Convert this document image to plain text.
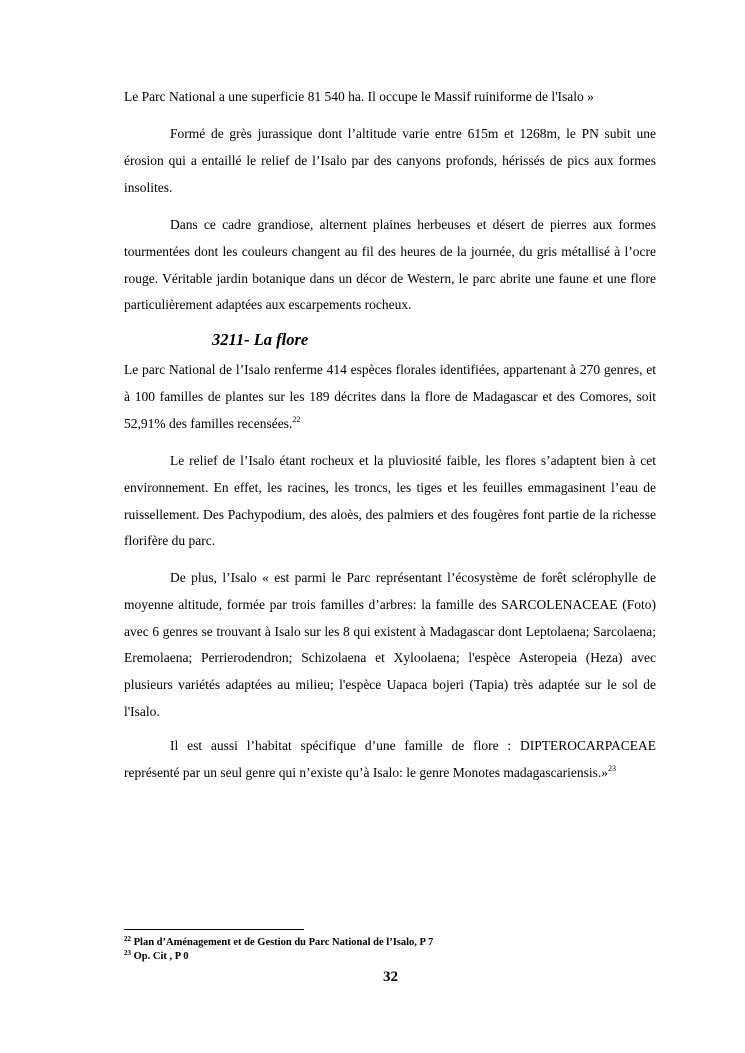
Le Parc National a une superficie 81 540 ha. Il occupe le Massif ruiniforme de l'Isalo »

Formé de grès jurassique dont l’altitude varie entre 615m et 1268m, le PN subit une érosion qui a entaillé le relief de l’Isalo par des canyons profonds, hérissés de pics aux formes insolites.

Dans ce cadre grandiose, alternent plaines herbeuses et désert de pierres aux formes tourmentées dont les couleurs changent au fil des heures de la journée, du gris métallisé à l’ocre rouge. Véritable jardin botanique dans un décor de Western, le parc abrite une faune et une flore particulièrement adaptées aux escarpements rocheux.

3211- La flore

Le parc National de l’Isalo renferme 414 espèces florales identifiées, appartenant à 270 genres, et à 100 familles de plantes sur les 189 décrites dans la flore de Madagascar et des Comores, soit 52,91% des familles recensées.$^{22}$

Le relief de l’Isalo étant rocheux et la pluviosité faible, les flores s’adaptent bien à cet environnement. En effet, les racines, les troncs, les tiges et les feuilles emmagasinent l’eau de ruissellement. Des Pachypodium, des aloès, des palmiers et des fougères font partie de la richesse florifère du parc.

De plus, l’Isalo « est parmi le Parc représentant l’écosystème de forêt sclérophylle de moyenne altitude, formée par trois familles d’arbres: la famille des SARCOLENACEAE (Foto) avec 6 genres se trouvant à Isalo sur les 8 qui existent à Madagascar dont Leptolaena; Sarcolaena; Eremolaena; Perrierodendron; Schizolaena et Xyloolaena; l'espèce Asteropeia (Heza) avec plusieurs variétés adaptées au milieu; l'espèce Uapaca bojeri (Tapia) très adaptée sur le sol de l'Isalo.

Il est aussi l’habitat spécifique d’une famille de flore : DIPTEROCARPACEAE représenté par un seul genre qui n’existe qu’à Isalo: le genre Monotes madagascariensis.»$^{23}$

$^{22}$ Plan d’Aménagement et de Gestion du Parc National de l’Isalo, P 7

$^{23}$ Op. Cit , P 0

32
